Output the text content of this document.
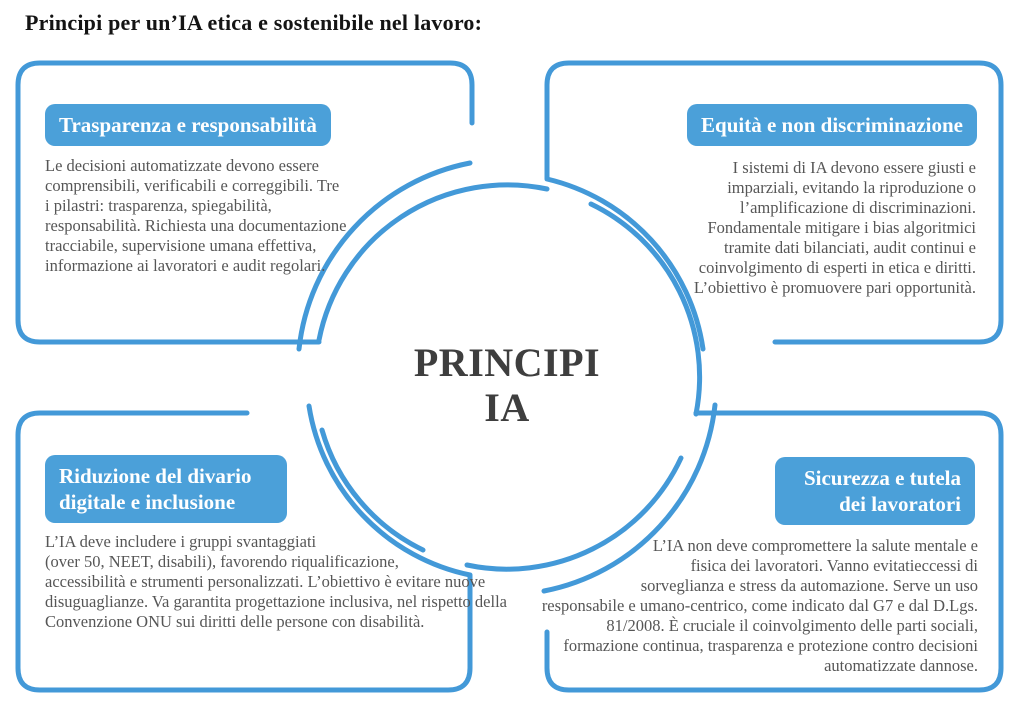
Principi per un’IA etica e sostenibile nel lavoro:
PRINCIPI
IA
Trasparenza e responsabilità

Le decisioni automatizzate devono essere comprensibili, verificabili e correggibili. Tre i pilastri: trasparenza, spiegabilità, responsabilità. Richiesta una documentazione tracciabile, supervisione umana effettiva, informazione ai lavoratori e audit regolari.

Equità e non discriminazione

I sistemi di IA devono essere giusti e imparziali, evitando la riproduzione o l’amplificazione di discriminazioni. Fondamentale mitigare i bias algoritmici tramite dati bilanciati, audit continui e coinvolgimento di esperti in etica e diritti. L’obiettivo è promuovere pari opportunità.

Riduzione del divario digitale e inclusione

L’IA deve includere i gruppi svantaggiati (over 50, NEET, disabili), favorendo riqualificazione, accessibilità e strumenti personalizzati. L’obiettivo è evitare nuove disuguaglianze. Va garantita progettazione inclusiva, nel rispetto della Convenzione ONU sui diritti delle persone con disabilità.

Sicurezza e tutela dei lavoratori

L’IA non deve compromettere la salute mentale e fisica dei lavoratori. Vanno evitatieccessi di sorveglianza e stress da automazione. Serve un uso responsabile e umano-centrico, come indicato dal G7 e dal D.Lgs. 81/2008. È cruciale il coinvolgimento delle parti sociali, formazione continua, trasparenza e protezione contro decisioni automatizzate dannose.
